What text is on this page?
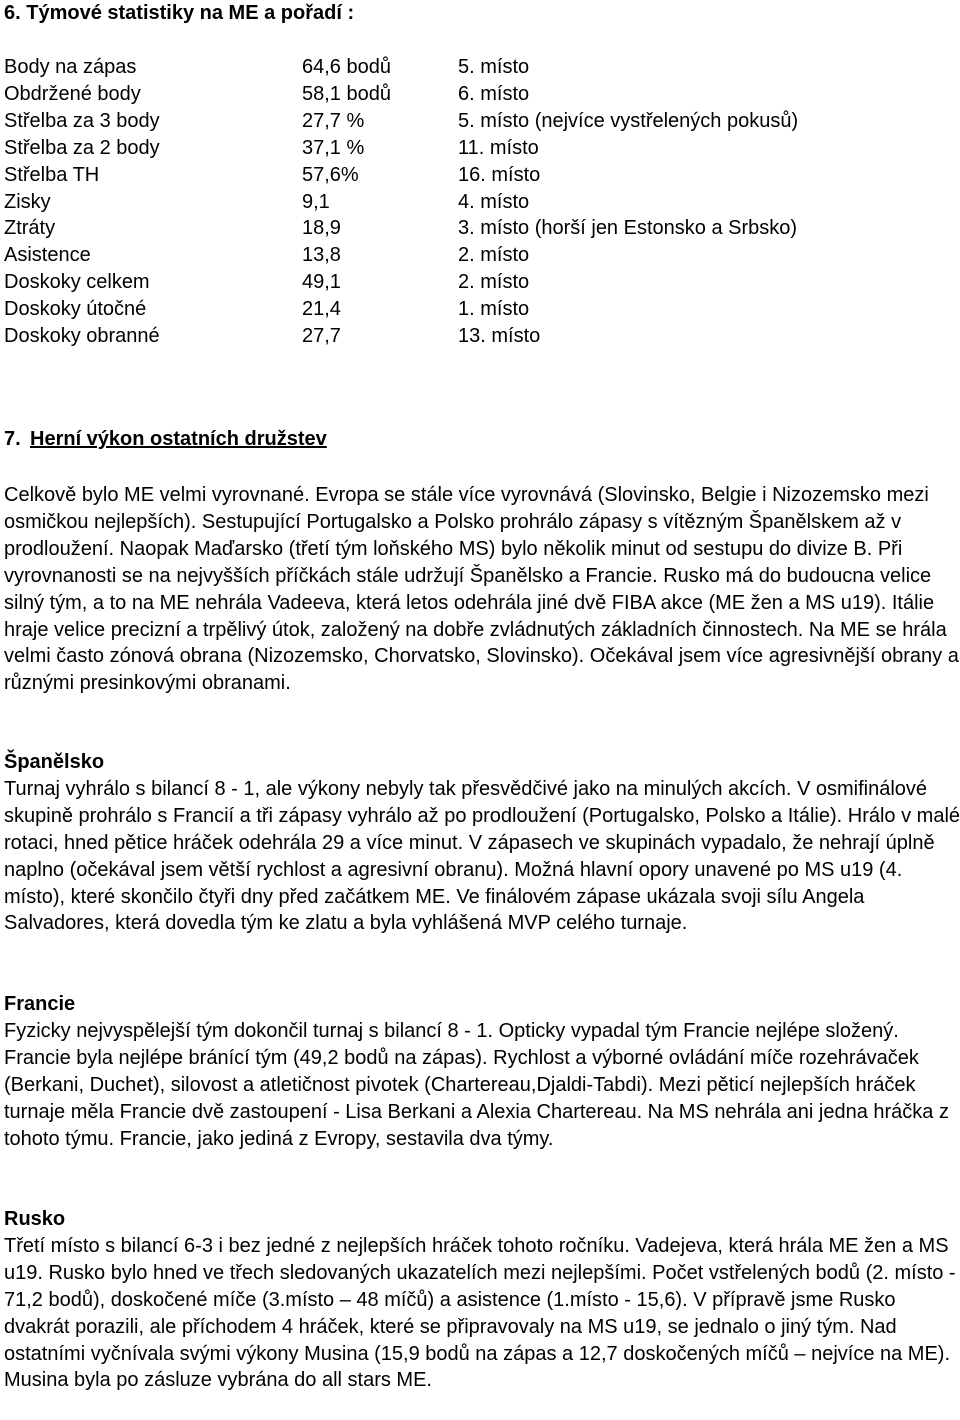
6. Týmové statistiky na ME a pořadí :
Body na zápas	64,6 bodů	5. místo
Obdržené body	58,1 bodů	6. místo
Střelba za 3 body	27,7 %	5. místo (nejvíce vystřelených pokusů)
Střelba za 2 body	37,1 %	11. místo
Střelba TH	57,6%	16. místo
Zisky	9,1	4. místo
Ztráty	18,9	3. místo (horší jen Estonsko a Srbsko)
Asistence	13,8	2. místo
Doskoky celkem	49,1	2. místo
Doskoky útočné	21,4	1. místo
Doskoky obranné	27,7	13. místo
7. Herní výkon ostatních družstev

Celkově bylo ME velmi vyrovnané. Evropa se stále více vyrovnává (Slovinsko, Belgie i Nizozemsko mezi osmičkou nejlepších). Sestupující Portugalsko a Polsko prohrálo zápasy s vítězným Španělskem až v prodloužení. Naopak Maďarsko (třetí tým loňského MS) bylo několik minut od sestupu do divize B. Při vyrovnanosti se na nejvyšších příčkách stále udržují Španělsko a Francie. Rusko má do budoucna velice silný tým, a to na ME nehrála Vadeeva, která letos odehrála jiné dvě FIBA akce (ME žen a MS u19). Itálie hraje velice precizní a trpělivý útok, založený na dobře zvládnutých základních činnostech. Na ME se hrála velmi často zónová obrana (Nizozemsko, Chorvatsko, Slovinsko). Očekával jsem více agresivnější obrany a různými presinkovými obranami.

Španělsko
Turnaj vyhrálo s bilancí 8 - 1, ale výkony nebyly tak přesvědčivé jako na minulých akcích. V osmifinálové skupině prohrálo s Francií a tři zápasy vyhrálo až po prodloužení (Portugalsko, Polsko a Itálie). Hrálo v malé rotaci, hned pětice hráček odehrála 29 a více minut. V zápasech ve skupinách vypadalo, že nehrají úplně naplno (očekával jsem větší rychlost a agresivní obranu). Možná hlavní opory unavené po MS u19 (4. místo), které skončilo čtyři dny před začátkem ME. Ve finálovém zápase ukázala svoji sílu Angela Salvadores, která dovedla tým ke zlatu a byla vyhlášená MVP celého turnaje.
Francie
Fyzicky nejvyspělejší tým dokončil turnaj s bilancí 8 - 1. Opticky vypadal tým Francie nejlépe složený. Francie byla nejlépe bránící tým (49,2 bodů na zápas). Rychlost a výborné ovládání míče rozehrávaček (Berkani, Duchet), silovost a atletičnost pivotek (Chartereau,Djaldi-Tabdi). Mezi pěticí nejlepších hráček turnaje měla Francie dvě zastoupení - Lisa Berkani a Alexia Chartereau. Na MS nehrála ani jedna hráčka z tohoto týmu. Francie, jako jediná z Evropy, sestavila dva týmy.
Rusko
Třetí místo s bilancí 6-3 i bez jedné z nejlepších hráček tohoto ročníku. Vadejeva, která hrála ME žen a MS u19. Rusko bylo hned ve třech sledovaných ukazatelích mezi nejlepšími. Počet vstřelených bodů (2. místo - 71,2 bodů), doskočené míče (3.místo – 48 míčů) a asistence (1.místo - 15,6). V přípravě jsme Rusko dvakrát porazili, ale příchodem 4 hráček, které se připravovaly na MS u19, se jednalo o jiný tým. Nad ostatními vyčnívala svými výkony Musina (15,9 bodů na zápas a 12,7 doskočených míčů – nejvíce na ME). Musina byla po zásluze vybrána do all stars ME.
